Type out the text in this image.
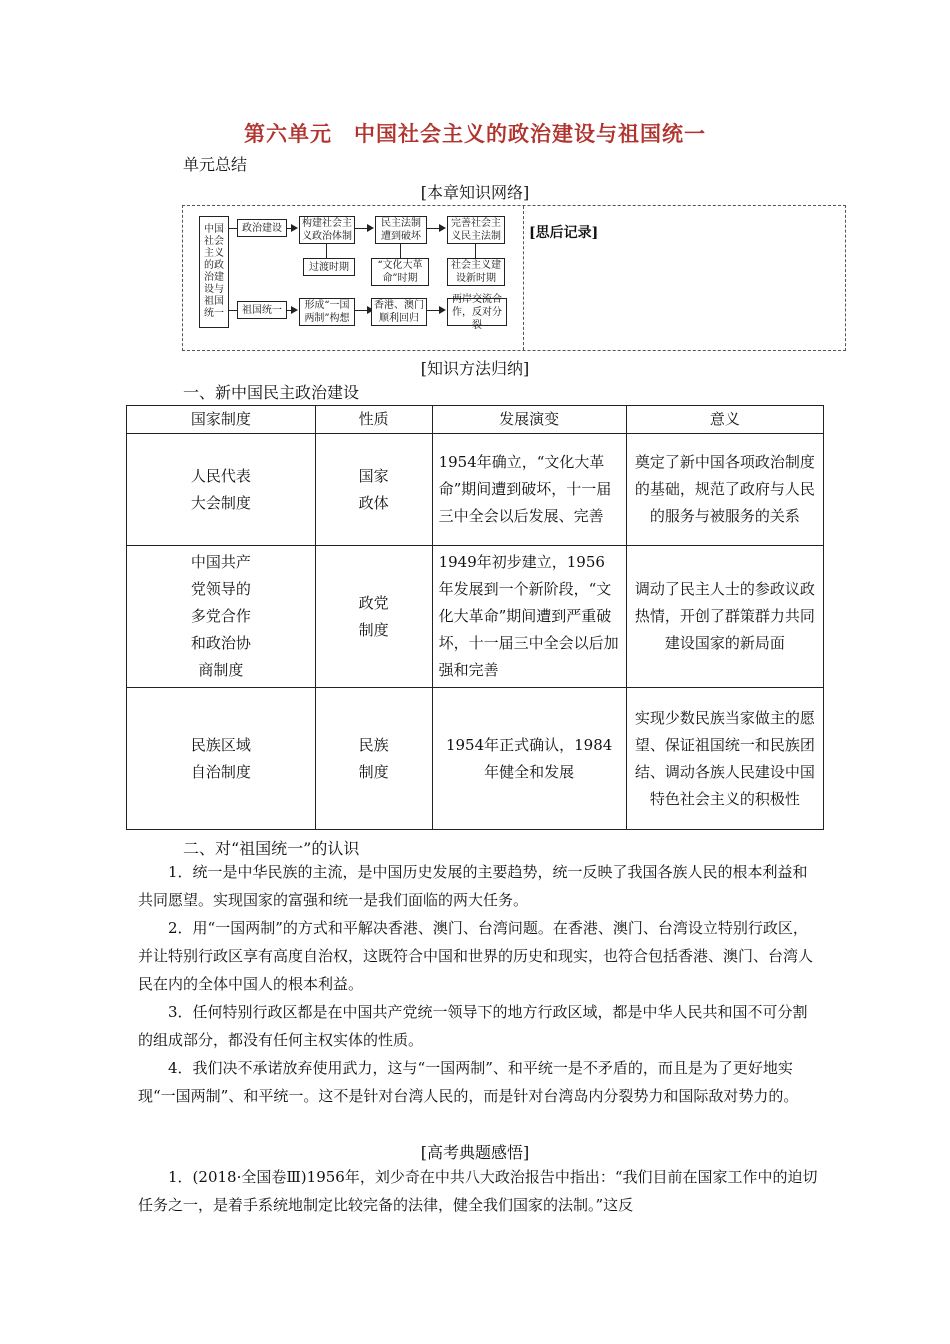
第六单元　中国社会主义的政治建设与祖国统一
单元总结
[本章知识网络]
[思后记录]
中国社会主义的政治建设与祖国统一
政治建设
祖国统一
构建社会主义政治体制
过渡时期
民主法制遭到破坏
“文化大革命”时期
完善社会主义民主法制
社会主义建设新时期
形成“一国两制”构想
香港、澳门顺利回归
两岸交流合作，反对分裂
[知识方法归纳]
一、新中国民主政治建设
国家制度	性质	发展演变	意义

人民代表大会制度	国家政体	1954年确立，“文化大革命”期间遭到破坏，十一届三中全会以后发展、完善	奠定了新中国各项政治制度的基础，规范了政府与人民的服务与被服务的关系

中国共产党领导的多党合作和政治协商制度	政党制度	1949年初步建立，1956年发展到一个新阶段，“文化大革命”期间遭到严重破坏，十一届三中全会以后加强和完善	调动了民主人士的参政议政热情，开创了群策群力共同建设国家的新局面

民族区域自治制度	民族制度	1954年正式确认，1984年健全和发展	实现少数民族当家做主的愿望、保证祖国统一和民族团结、调动各族人民建设中国特色社会主义的积极性
二、对“祖国统一”的认识
1．统一是中华民族的主流，是中国历史发展的主要趋势，统一反映了我国各族人民的根本利益和共同愿望。实现国家的富强和统一是我们面临的两大任务。
2．用“一国两制”的方式和平解决香港、澳门、台湾问题。在香港、澳门、台湾设立特别行政区，并让特别行政区享有高度自治权，这既符合中国和世界的历史和现实，也符合包括香港、澳门、台湾人民在内的全体中国人的根本利益。
3．任何特别行政区都是在中国共产党统一领导下的地方行政区域，都是中华人民共和国不可分割的组成部分，都没有任何主权实体的性质。
4．我们决不承诺放弃使用武力，这与“一国两制”、和平统一是不矛盾的，而且是为了更好地实现“一国两制”、和平统一。这不是针对台湾人民的，而是针对台湾岛内分裂势力和国际敌对势力的。
[高考典题感悟]
1．(2018·全国卷Ⅲ)1956年，刘少奇在中共八大政治报告中指出：“我们目前在国家工作中的迫切任务之一，是着手系统地制定比较完备的法律，健全我们国家的法制。”这反
